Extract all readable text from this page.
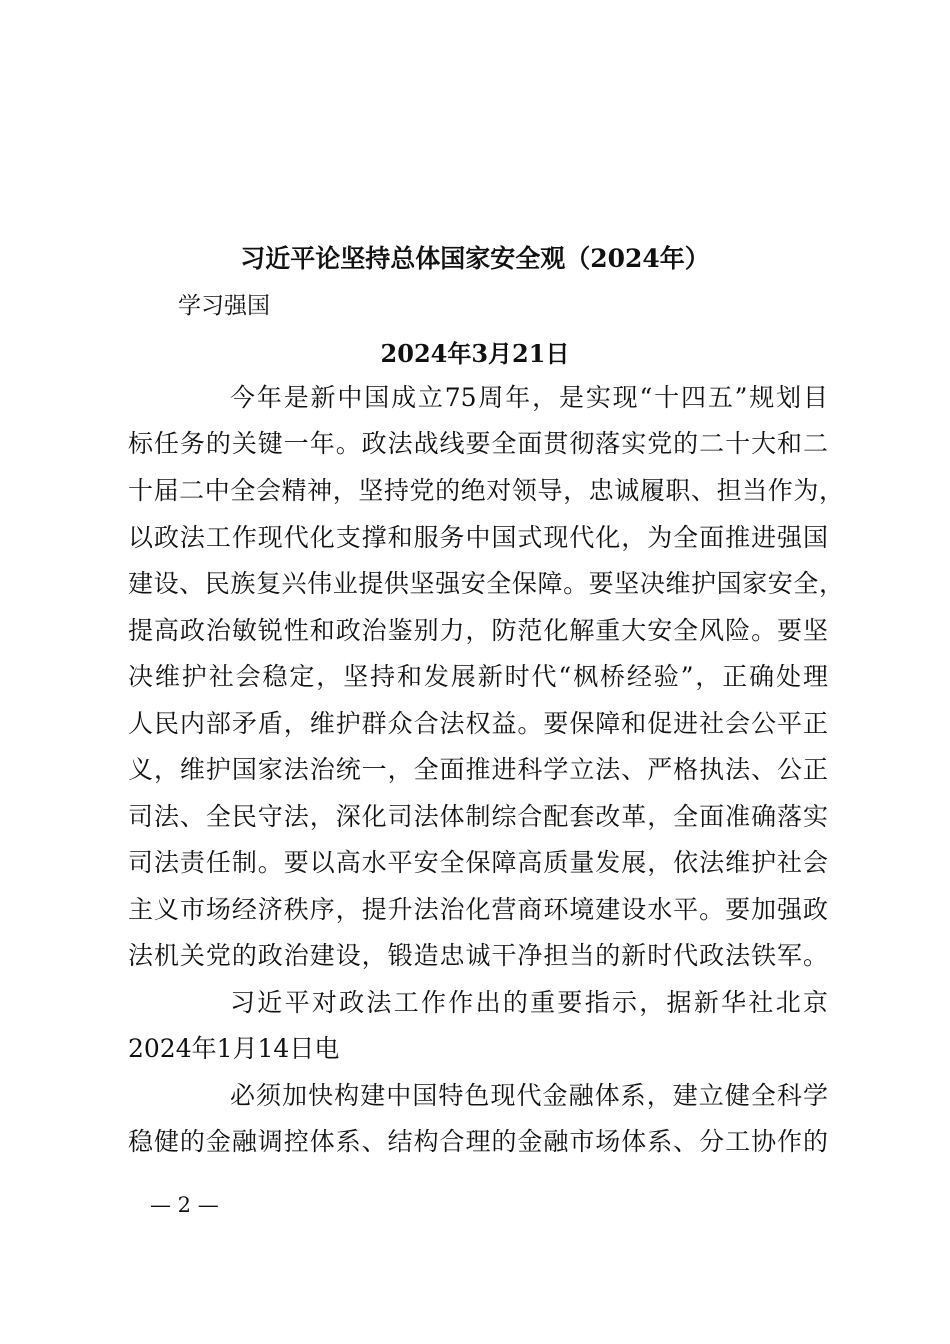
习近平论坚持总体国家安全观（2024年）
学习强国
2024年3月21日
今年是新中国成立75周年，是实现“十四五”规划目
标任务的关键一年。政法战线要全面贯彻落实党的二十大和二
十届二中全会精神，坚持党的绝对领导，忠诚履职、担当作为，
以政法工作现代化支撑和服务中国式现代化，为全面推进强国
建设、民族复兴伟业提供坚强安全保障。要坚决维护国家安全，
提高政治敏锐性和政治鉴别力，防范化解重大安全风险。要坚
决维护社会稳定，坚持和发展新时代“枫桥经验”，正确处理
人民内部矛盾，维护群众合法权益。要保障和促进社会公平正
义，维护国家法治统一，全面推进科学立法、严格执法、公正
司法、全民守法，深化司法体制综合配套改革，全面准确落实
司法责任制。要以高水平安全保障高质量发展，依法维护社会
主义市场经济秩序，提升法治化营商环境建设水平。要加强政
法机关党的政治建设，锻造忠诚干净担当的新时代政法铁军。
习近平对政法工作作出的重要指示，据新华社北京
2024年1月14日电
必须加快构建中国特色现代金融体系，建立健全科学
稳健的金融调控体系、结构合理的金融市场体系、分工协作的
— 2 —
